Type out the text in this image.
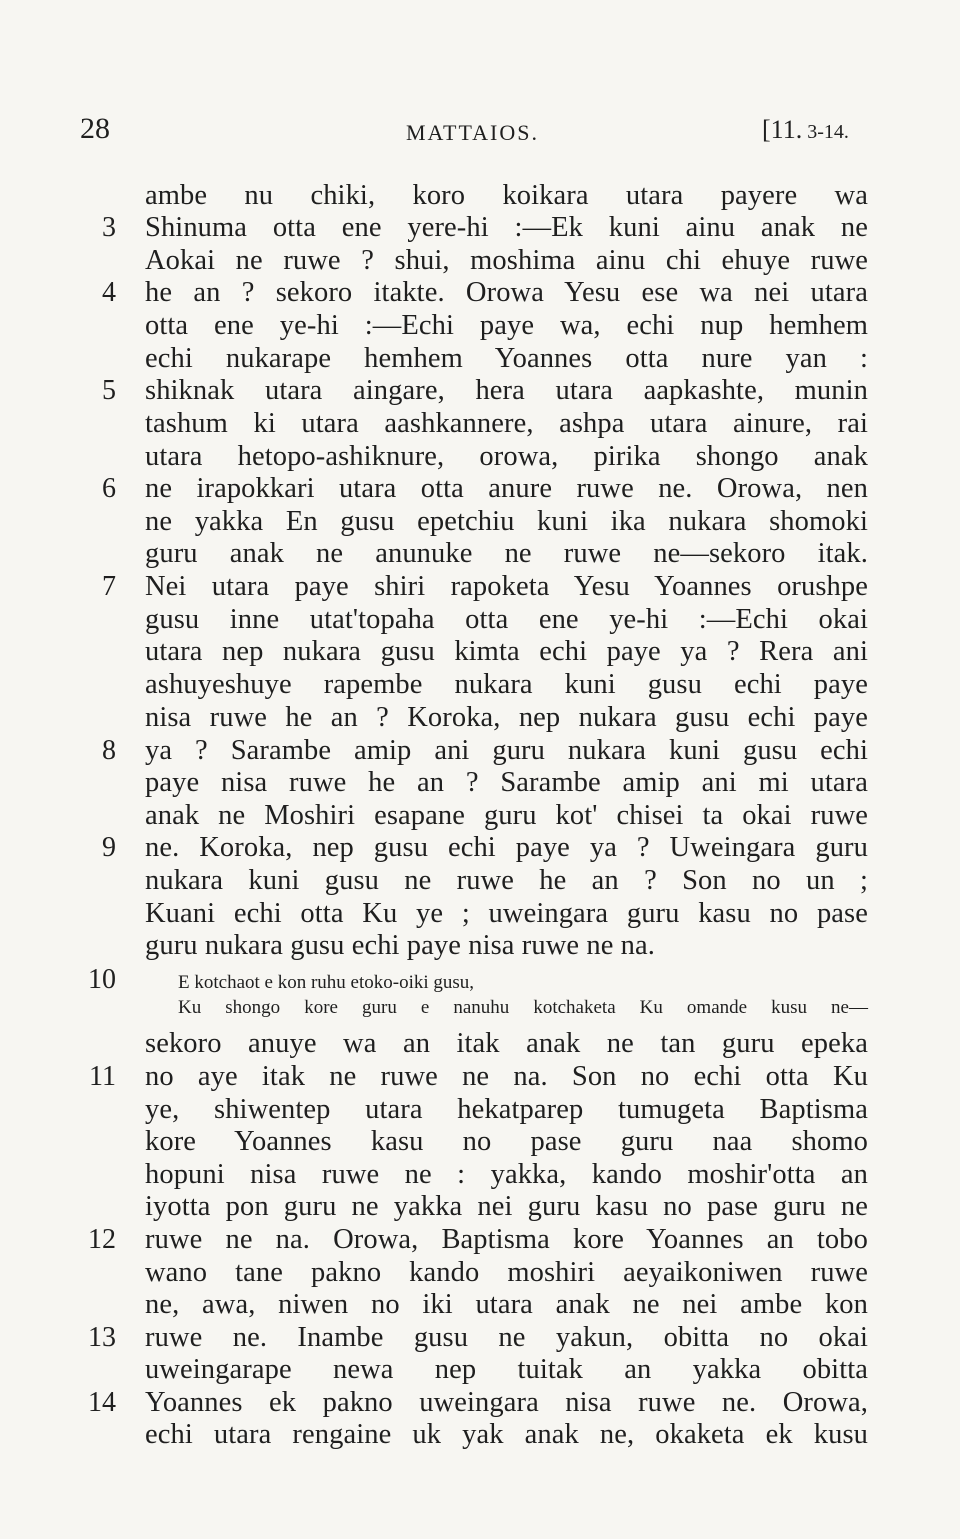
28	MATTAIOS.	[11. 3-14.
3
4
5
6
7
8
9
10
11
12
13
14
ambe nu chiki, koro koikara utara payere wa
Shinuma otta ene yere-hi :—Ek kuni ainu anak ne
Aokai ne ruwe ? shui, moshima ainu chi ehuye ruwe
he an ? sekoro itakte. Orowa Yesu ese wa nei utara
otta ene ye-hi :—Echi paye wa, echi nup hemhem
echi nukarape hemhem Yoannes otta nure yan :
shiknak utara aingare, hera utara aapkashte, munin
tashum ki utara aashkannere, ashpa utara ainure, rai
utara hetopo-ashiknure, orowa, pirika shongo anak
ne irapokkari utara otta anure ruwe ne. Orowa, nen
ne yakka En gusu epetchiu kuni ika nukara shomoki
guru anak ne anunuke ne ruwe ne—sekoro itak.
Nei utara paye shiri rapoketa Yesu Yoannes orushpe
gusu inne utat'topaha otta ene ye-hi :—Echi okai
utara nep nukara gusu kimta echi paye ya ? Rera ani
ashuyeshuye rapembe nukara kuni gusu echi paye
nisa ruwe he an ? Koroka, nep nukara gusu echi paye
ya ? Sarambe amip ani guru nukara kuni gusu echi
paye nisa ruwe he an ? Sarambe amip ani mi utara
anak ne Moshiri esapane guru kot' chisei ta okai ruwe
ne. Koroka, nep gusu echi paye ya ? Uweingara guru
nukara kuni gusu ne ruwe he an ? Son no un ;
Kuani echi otta Ku ye ; uweingara guru kasu no pase
guru nukara gusu echi paye nisa ruwe ne na.
E kotchaot e kon ruhu etoko-oiki gusu,
Ku shongo kore guru e nanuhu kotchaketa Ku omande kusu ne—
sekoro anuye wa an itak anak ne tan guru epeka
no aye itak ne ruwe ne na. Son no echi otta Ku
ye, shiwentep utara hekatparep tumugeta Baptisma
kore Yoannes kasu no pase guru naa shomo
hopuni nisa ruwe ne : yakka, kando moshir'otta an
iyotta pon guru ne yakka nei guru kasu no pase guru ne
ruwe ne na. Orowa, Baptisma kore Yoannes an tobo
wano tane pakno kando moshiri aeyaikoniwen ruwe
ne, awa, niwen no iki utara anak ne nei ambe kon
ruwe ne. Inambe gusu ne yakun, obitta no okai
uweingarape newa nep tuitak an yakka obitta
Yoannes ek pakno uweingara nisa ruwe ne. Orowa,
echi utara rengaine uk yak anak ne, okaketa ek kusu
